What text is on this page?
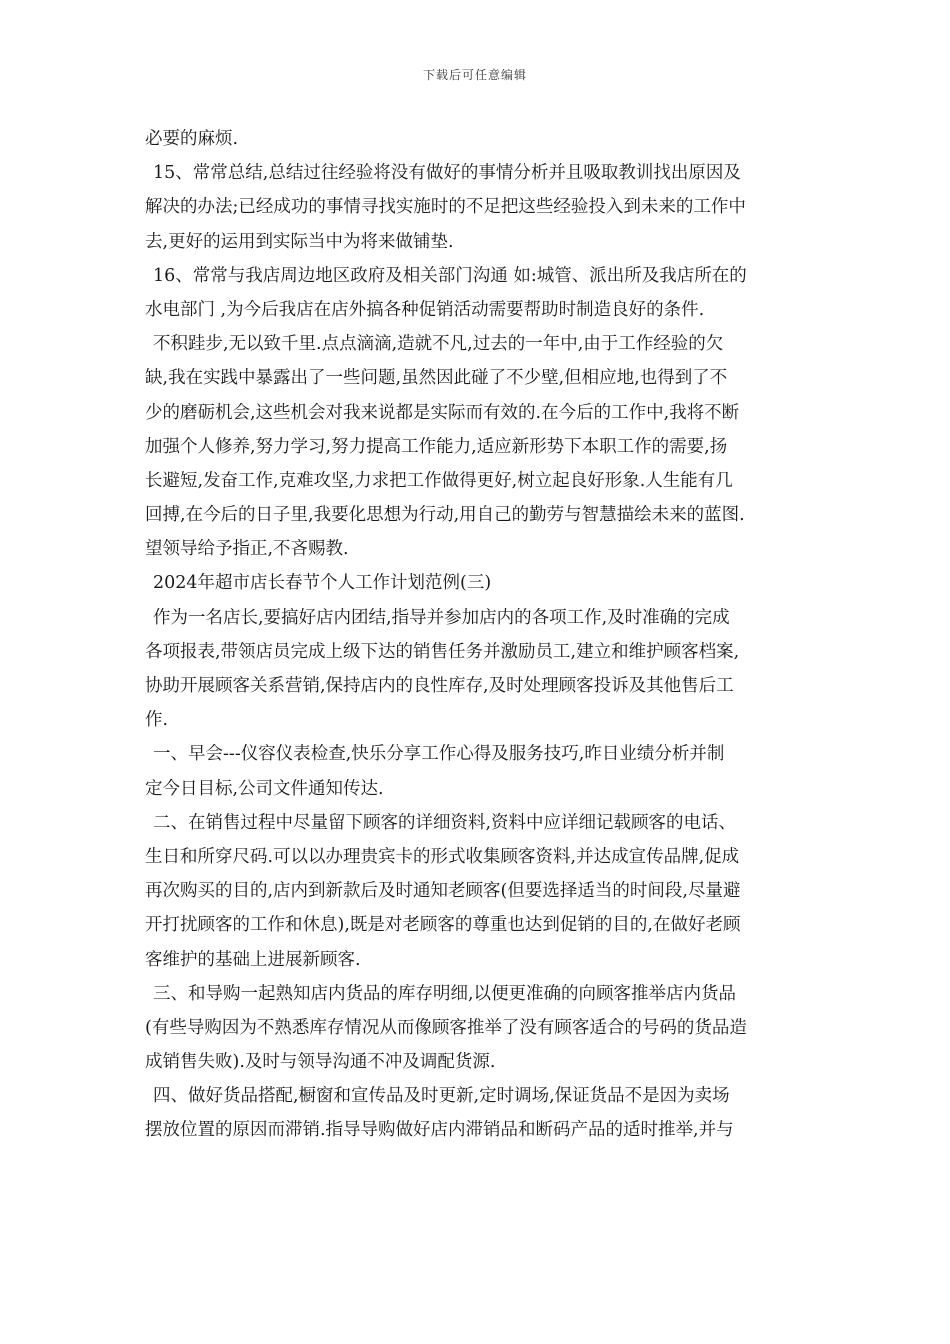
下载后可任意编辑
必要的麻烦.
15、常常总结,总结过往经验将没有做好的事情分析并且吸取教训找出原因及
解决的办法;已经成功的事情寻找实施时的不足把这些经验投入到未来的工作中
去,更好的运用到实际当中为将来做铺垫.
16、常常与我店周边地区政府及相关部门沟通 如:城管、派出所及我店所在的
水电部门 ,为今后我店在店外搞各种促销活动需要帮助时制造良好的条件.
不积跬步,无以致千里.点点滴滴,造就不凡,过去的一年中,由于工作经验的欠
缺,我在实践中暴露出了一些问题,虽然因此碰了不少壁,但相应地,也得到了不
少的磨砺机会,这些机会对我来说都是实际而有效的.在今后的工作中,我将不断
加强个人修养,努力学习,努力提高工作能力,适应新形势下本职工作的需要,扬
长避短,发奋工作,克难攻坚,力求把工作做得更好,树立起良好形象.人生能有几
回搏,在今后的日子里,我要化思想为行动,用自己的勤劳与智慧描绘未来的蓝图.
望领导给予指正,不吝赐教.
2024年超市店长春节个人工作计划范例(三)
作为一名店长,要搞好店内团结,指导并参加店内的各项工作,及时准确的完成
各项报表,带领店员完成上级下达的销售任务并激励员工,建立和维护顾客档案,
协助开展顾客关系营销,保持店内的良性库存,及时处理顾客投诉及其他售后工
作.
一、早会---仪容仪表检查,快乐分享工作心得及服务技巧,昨日业绩分析并制
定今日目标,公司文件通知传达.
二、在销售过程中尽量留下顾客的详细资料,资料中应详细记载顾客的电话、
生日和所穿尺码.可以以办理贵宾卡的形式收集顾客资料,并达成宣传品牌,促成
再次购买的目的,店内到新款后及时通知老顾客(但要选择适当的时间段,尽量避
开打扰顾客的工作和休息),既是对老顾客的尊重也达到促销的目的,在做好老顾
客维护的基础上进展新顾客.
三、和导购一起熟知店内货品的库存明细,以便更准确的向顾客推举店内货品
(有些导购因为不熟悉库存情况从而像顾客推举了没有顾客适合的号码的货品造
成销售失败).及时与领导沟通不冲及调配货源.
四、做好货品搭配,橱窗和宣传品及时更新,定时调场,保证货品不是因为卖场
摆放位置的原因而滞销.指导导购做好店内滞销品和断码产品的适时推举,并与
